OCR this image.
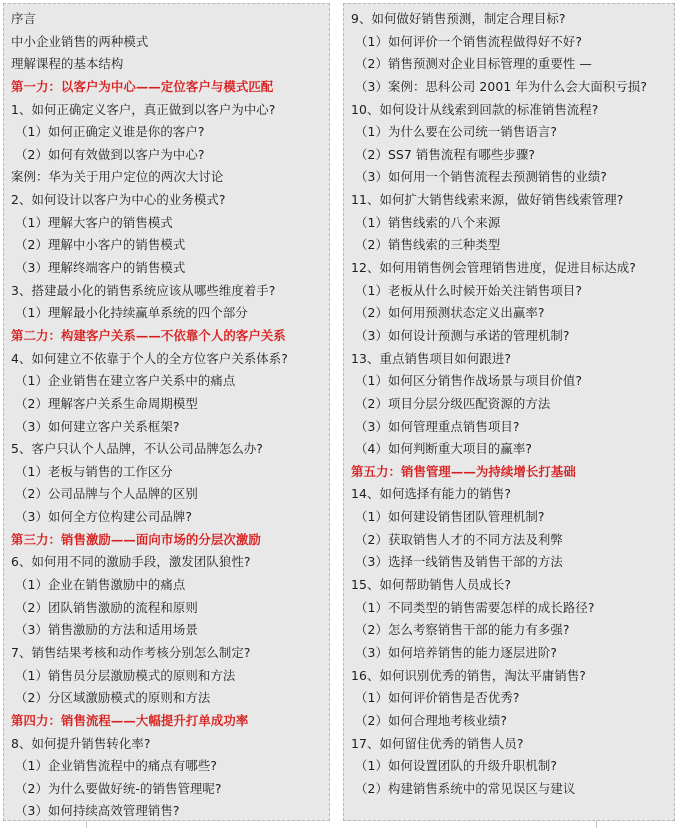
序言
中小企业销售的两种模式
理解课程的基本结构
第一力：以客户为中心——定位客户与模式匹配
1、如何正确定义客户，真正做到以客户为中心?
（1）如何正确定义谁是你的客户?
（2）如何有效做到以客户为中心?
案例：华为关于用户定位的两次大讨论
2、如何设计以客户为中心的业务模式?
（1）理解大客户的销售模式
（2）理解中小客户的销售模式
（3）理解终端客户的销售模式
3、搭建最小化的销售系统应该从哪些维度着手?
（1）理解最小化持续赢单系统的四个部分
第二力：构建客户关系——不依靠个人的客户关系
4、如何建立不依靠于个人的全方位客户关系体系?
（1）企业销售在建立客户关系中的痛点
（2）理解客户关系生命周期模型
（3）如何建立客户关系框架?
5、客户只认个人品牌，不认公司品牌怎么办?
（1）老板与销售的工作区分
（2）公司品牌与个人品牌的区别
（3）如何全方位构建公司品牌?
第三力：销售激励——面向市场的分层次激励
6、如何用不同的激励手段，激发团队狼性?
（1）企业在销售激励中的痛点
（2）团队销售激励的流程和原则
（3）销售激励的方法和适用场景
7、销售结果考核和动作考核分别怎么制定?
（1）销售员分层激励模式的原则和方法
（2）分区域激励模式的原则和方法
第四力：销售流程——大幅提升打单成功率
8、如何提升销售转化率?
（1）企业销售流程中的痛点有哪些?
（2）为什么要做好统-的销售管理呢?
（3）如何持续高效管理销售?
9、如何做好销售预测，制定合理目标?
（1）如何评价一个销售流程做得好不好?
（2）销售预测对企业目标管理的重要性 —
（3）案例：思科公司 2001 年为什么会大面积亏损?
10、如何设计从线索到回款的标准销售流程?
（1）为什么要在公司统一销售语言?
（2）SS7 销售流程有哪些步骤?
（3）如何用一个销售流程去预测销售的业绩?
11、如何扩大销售线索来源，做好销售线索管理?
（1）销售线索的八个来源
（2）销售线索的三种类型
12、如何用销售例会管理销售进度，促进目标达成?
（1）老板从什么时候开始关注销售项目?
（2）如何用预测状态定义出赢率?
（3）如何设计预测与承诺的管理机制?
13、重点销售项目如何跟进?
（1）如何区分销售作战场景与项目价值?
（2）项目分层分级匹配资源的方法
（3）如何管理重点销售项目?
（4）如何判断重大项目的赢率?
第五力：销售管理——为持续增长打基础
14、如何选择有能力的销售?
（1）如何建设销售团队管理机制?
（2）获取销售人才的不同方法及利弊
（3）选择一线销售及销售干部的方法
15、如何帮助销售人员成长?
（1）不同类型的销售需要怎样的成长路径?
（2）怎么考察销售干部的能力有多强?
（3）如何培养销售的能力逐层进阶?
16、如何识别优秀的销售，淘汰平庸销售?
（1）如何评价销售是否优秀?
（2）如何合理地考核业绩?
17、如何留住优秀的销售人员?
（1）如何设置团队的升级升职机制?
（2）构建销售系统中的常见误区与建议
